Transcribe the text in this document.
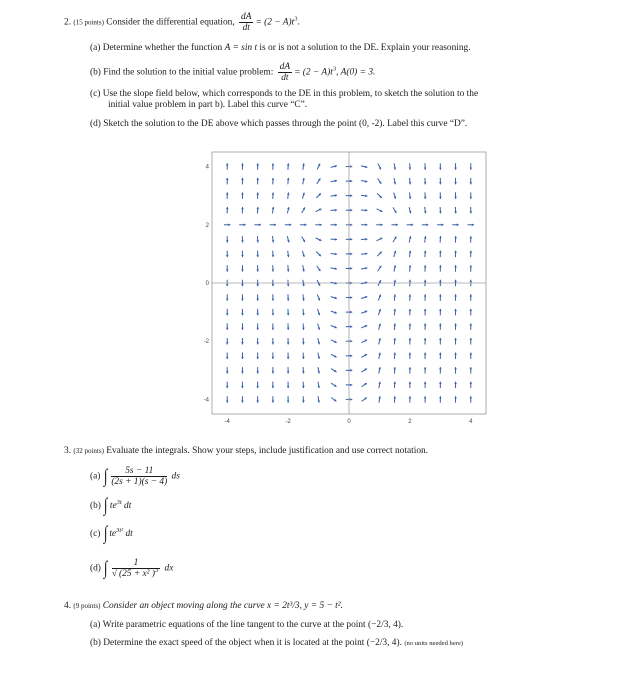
2. (15 points) Consider the differential equation, $\frac{dA}{dt} = (2 - A)t^3$.
(a) Determine whether the function A = sin t is or is not a solution to the DE. Explain your reasoning.
(b) Find the solution to the initial value problem: $\frac{dA}{dt} = (2 - A)t^3$, A(0) = 3.
(c) Use the slope field below, which corresponds to the DE in this problem, to sketch the solution to the
initial value problem in part b). Label this curve “C”.
(d) Sketch the solution to the DE above which passes through the point (0, -2). Label this curve “D”.
-4	-2	0	2	4
4
2
0
-2
-4
3. (32 points) Evaluate the integrals. Show your steps, include justification and use correct notation.
(a) ∫ $\frac{5s - 11}{(2s + 1)(s - 4)}$ ds
(b) ∫ $te^{3t}$ dt
(c) ∫ $te^{3t^2}$ dt
(d) ∫ $\frac{1}{√ (25 + x^2 )^3}$ dx
4. (9 points) Consider an object moving along the curve x = 2t³/3, y = 5 − t².
(a) Write parametric equations of the line tangent to the curve at the point (−2/3, 4).
(b) Determine the exact speed of the object when it is located at the point (−2/3, 4). (no units needed here)
